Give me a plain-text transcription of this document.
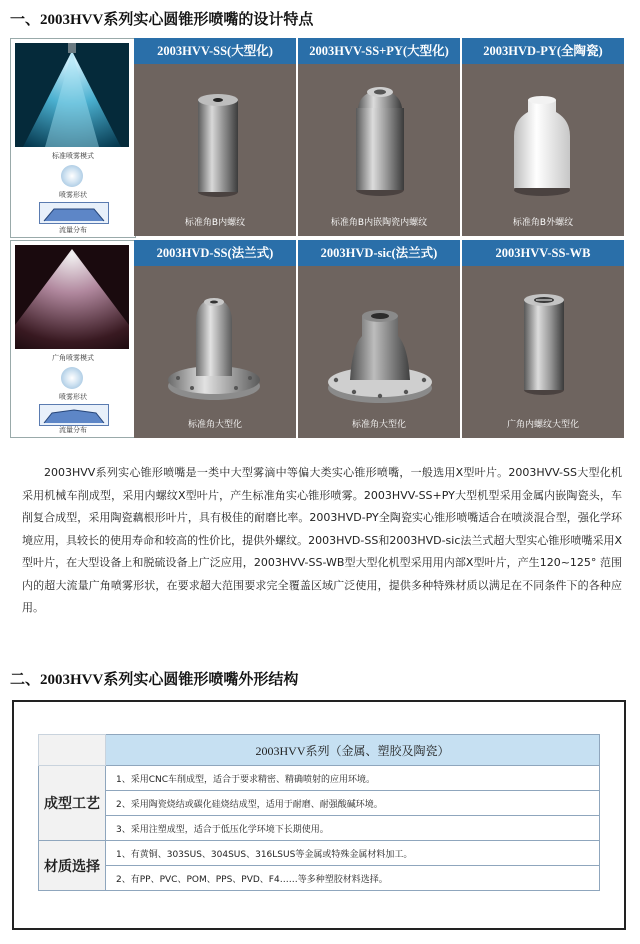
一、2003HVV系列实心圆锥形喷嘴的设计特点
标准喷雾模式
喷雾形状
流量分布
广角喷雾模式
喷雾形状
流量分布
2003HVV-SS(大型化)
标准角B内螺纹
2003HVV-SS+PY(大型化)
标准角B内嵌陶瓷内螺纹
2003HVD-PY(全陶瓷)
标准角B外螺纹
2003HVD-SS(法兰式)
标准角大型化
2003HVD-sic(法兰式)
标准角大型化
2003HVV-SS-WB
广角内螺纹大型化
2003HVV系列实心锥形喷嘴是一类中大型雾滴中等偏大类实心锥形喷嘴，一般选用X型叶片。2003HVV-SS大型化机采用机械车削成型，采用内螺纹X型叶片，产生标准角实心锥形喷雾。2003HVV-SS+PY大型机型采用金属内嵌陶瓷头，车削复合成型，采用陶瓷藕根形叶片，具有极佳的耐磨比率。2003HVD-PY全陶瓷实心锥形喷嘴适合在喷淡混合型，强化学环境应用，具较长的使用寿命和较高的性价比，提供外螺纹。2003HVD-SS和2003HVD-sic法兰式超大型实心锥形喷嘴采用X型叶片，在大型设备上和脱硫设备上广泛应用，2003HVV-SS-WB型大型化机型采用用内部X型叶片，产生120~125° 范围内的超大流量广角喷雾形状，在要求超大范围要求完全覆盖区域广泛使用，提供多种特殊材质以满足在不同条件下的各种应用。
二、2003HVV系列实心圆锥形喷嘴外形结构
	2003HVV系列（金属、塑胶及陶瓷）
成型工艺	1、采用CNC车削成型，适合于要求精密、精确喷射的应用环境。
	2、采用陶瓷烧结或碳化硅烧结成型，适用于耐磨、耐强酸碱环境。
	3、采用注塑成型，适合于低压化学环境下长期使用。
材质选择	1、有黄铜、303SUS、304SUS、316LSUS等金属或特殊金属材料加工。
	2、有PP、PVC、POM、PPS、PVD、F4……等多种塑胶材料选择。
